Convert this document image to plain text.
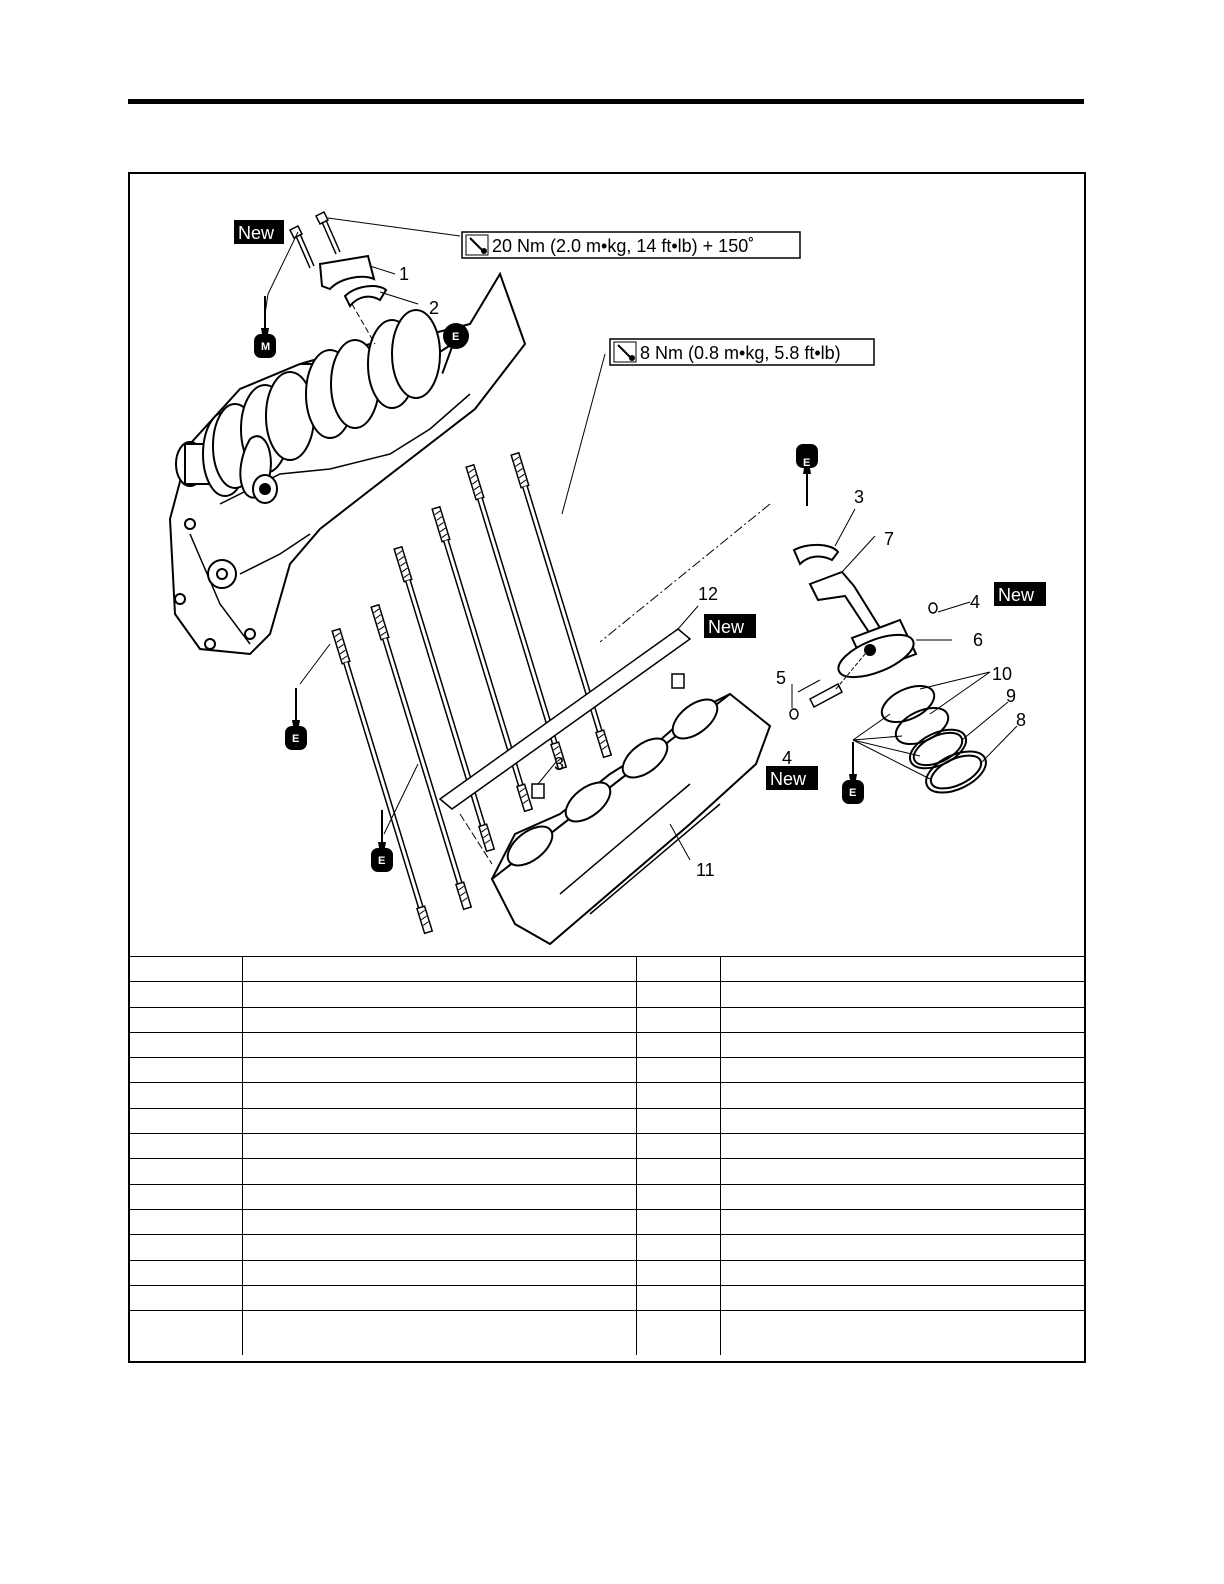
20 Nm (2.0 m•kg, 14 ft•lb) + 150˚
8 Nm (0.8 m•kg, 5.8 ft•lb)
New
New
New
New
M
E
E
E
E
E
1
2
3
7
4
6
5	10
9
8
4
3
12
11
